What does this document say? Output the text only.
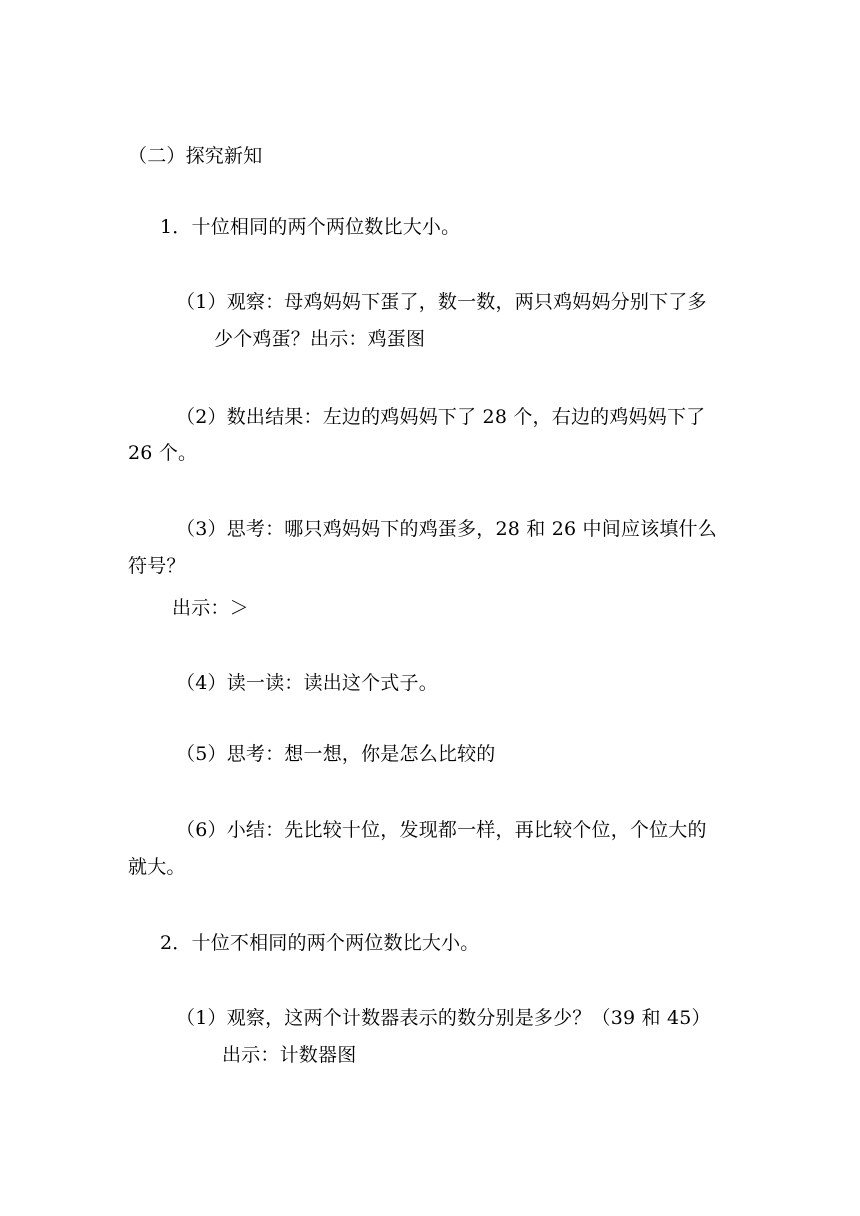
（二）探究新知
1．十位相同的两个两位数比大小。
（1）观察：母鸡妈妈下蛋了，数一数，两只鸡妈妈分别下了多
少个鸡蛋？出示：鸡蛋图
（2）数出结果：左边的鸡妈妈下了 28 个，右边的鸡妈妈下了
26 个。
（3）思考：哪只鸡妈妈下的鸡蛋多，28 和 26 中间应该填什么
符号？
出示：＞
（4）读一读：读出这个式子。
（5）思考：想一想，你是怎么比较的
（6）小结：先比较十位，发现都一样，再比较个位，个位大的
就大。
2．十位不相同的两个两位数比大小。
（1）观察，这两个计数器表示的数分别是多少？（39 和 45）
出示：计数器图
